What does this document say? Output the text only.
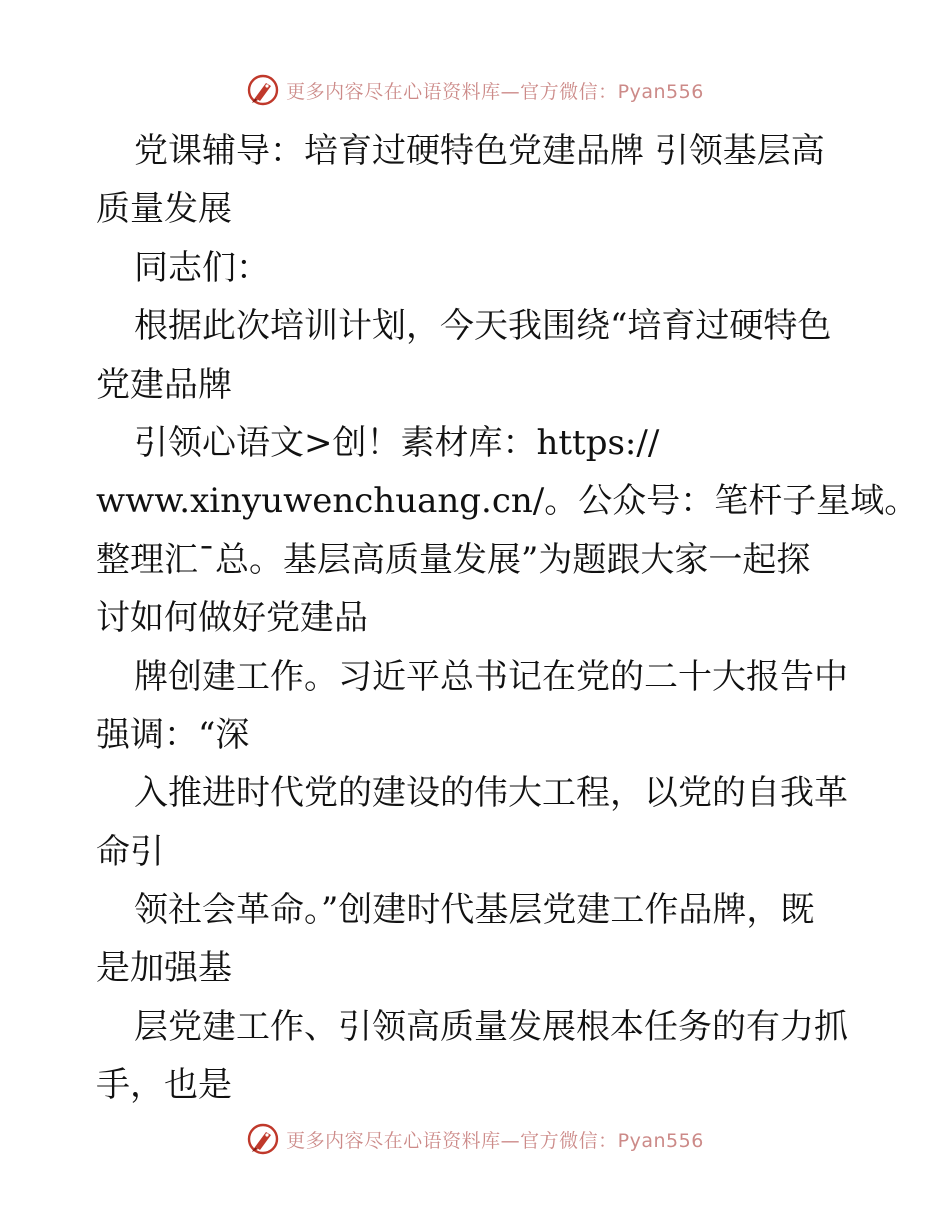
更多内容尽在心语资料库—官方微信：Pyan556
党课辅导：培育过硬特色党建品牌 引领基层高
质量发展
同志们：
根据此次培训计划，今天我围绕“培育过硬特色
党建品牌
引领心语文>创！素材库：https://
www.xinyuwenchuang.cn/。公众号：笔杆子星域。
整理汇¯总。基层高质量发展”为题跟大家一起探
讨如何做好党建品
牌创建工作。习近平总书记在党的二十大报告中
强调：“深
入推进时代党的建设的伟大工程，以党的自我革
命引
领社会革命。”创建时代基层党建工作品牌，既
是加强基
层党建工作、引领高质量发展根本任务的有力抓
手，也是
更多内容尽在心语资料库—官方微信：Pyan556
